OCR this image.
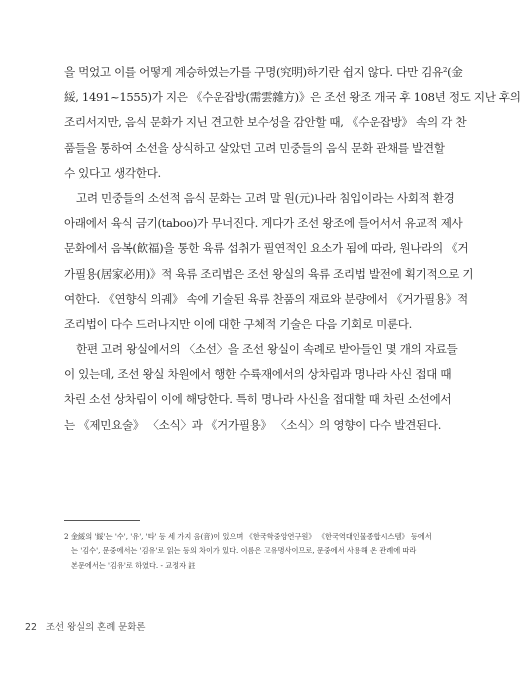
을 먹었고 이를 어떻게 계승하였는가를 구명(究明)하기란 쉽지 않다. 다만 김유²(金
綏, 1491~1555)가 지은 《수운잡방(需雲雜方)》은 조선 왕조 개국 후 108년 정도 지난 후의
조리서지만, 음식 문화가 지닌 견고한 보수성을 감안할 때, 《수운잡방》 속의 각 찬
품들을 통하여 소선을 상식하고 살았던 고려 민중들의 음식 문화 관채를 발견할
수 있다고 생각한다.
고려 민중들의 소선적 음식 문화는 고려 말 원(元)나라 침입이라는 사회적 환경
아래에서 육식 금기(taboo)가 무너진다. 게다가 조선 왕조에 들어서서 유교적 제사
문화에서 음복(飮福)을 통한 육류 섭취가 필연적인 요소가 됨에 따라, 원나라의 《거
가필용(居家必用)》적 육류 조리법은 조선 왕실의 육류 조리법 발전에 획기적으로 기
여한다. 《연향식 의궤》 속에 기술된 육류 찬품의 재료와 분량에서 《거가필용》적
조리법이 다수 드러나지만 이에 대한 구체적 기술은 다음 기회로 미룬다.
한편 고려 왕실에서의 〈소선〉을 조선 왕실이 속례로 받아들인 몇 개의 자료들
이 있는데, 조선 왕실 차원에서 행한 수륙재에서의 상차림과 명나라 사신 접대 때
차린 소선 상차림이 이에 해당한다. 특히 명나라 사신을 접대할 때 차린 소선에서
는 《제민요술》 〈소식〉과 《거가필용》 〈소식〉의 영향이 다수 발견된다.
2 金綏의 '綏'는 '수', '유', '타' 등 세 가지 음(音)이 있으며 《한국학중앙연구원》 《한국역대인물종합시스템》 등에서
는 '김수', 문중에서는 '김유'로 읽는 등의 차이가 있다. 이름은 고유명사이므로, 문중에서 사용해 온 관례에 따라
본문에서는 '김유'로 하였다. - 교정자 註
22 조선 왕실의 혼례 문화론
